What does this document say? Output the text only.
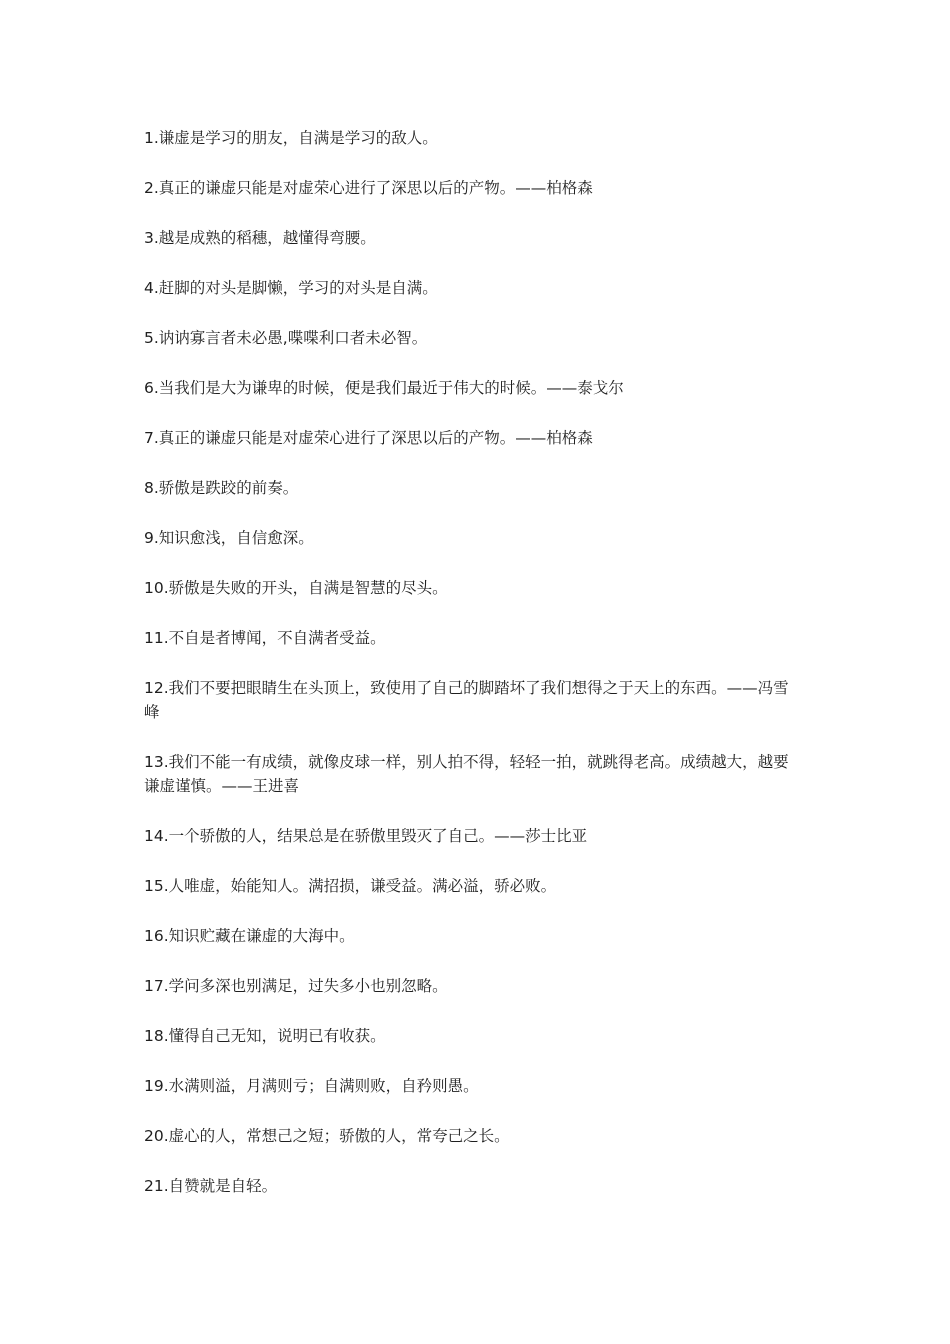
1.谦虚是学习的朋友，自满是学习的敌人。
2.真正的谦虚只能是对虚荣心进行了深思以后的产物。——柏格森
3.越是成熟的稻穗，越懂得弯腰。
4.赶脚的对头是脚懒，学习的对头是自满。
5.讷讷寡言者未必愚,喋喋利口者未必智。
6.当我们是大为谦卑的时候，便是我们最近于伟大的时候。——泰戈尔
7.真正的谦虚只能是对虚荣心进行了深思以后的产物。——柏格森
8.骄傲是跌跤的前奏。
9.知识愈浅，自信愈深。
10.骄傲是失败的开头，自满是智慧的尽头。
11.不自是者博闻，不自满者受益。
12.我们不要把眼睛生在头顶上，致使用了自己的脚踏坏了我们想得之于天上的东西。——冯雪峰
13.我们不能一有成绩，就像皮球一样，别人拍不得，轻轻一拍，就跳得老高。成绩越大，越要谦虚谨慎。——王进喜
14.一个骄傲的人，结果总是在骄傲里毁灭了自己。——莎士比亚
15.人唯虚，始能知人。满招损，谦受益。满必溢，骄必败。
16.知识贮藏在谦虚的大海中。
17.学问多深也别满足，过失多小也别忽略。
18.懂得自己无知，说明已有收获。
19.水满则溢，月满则亏；自满则败，自矜则愚。
20.虚心的人，常想己之短；骄傲的人，常夸己之长。
21.自赞就是自轻。
